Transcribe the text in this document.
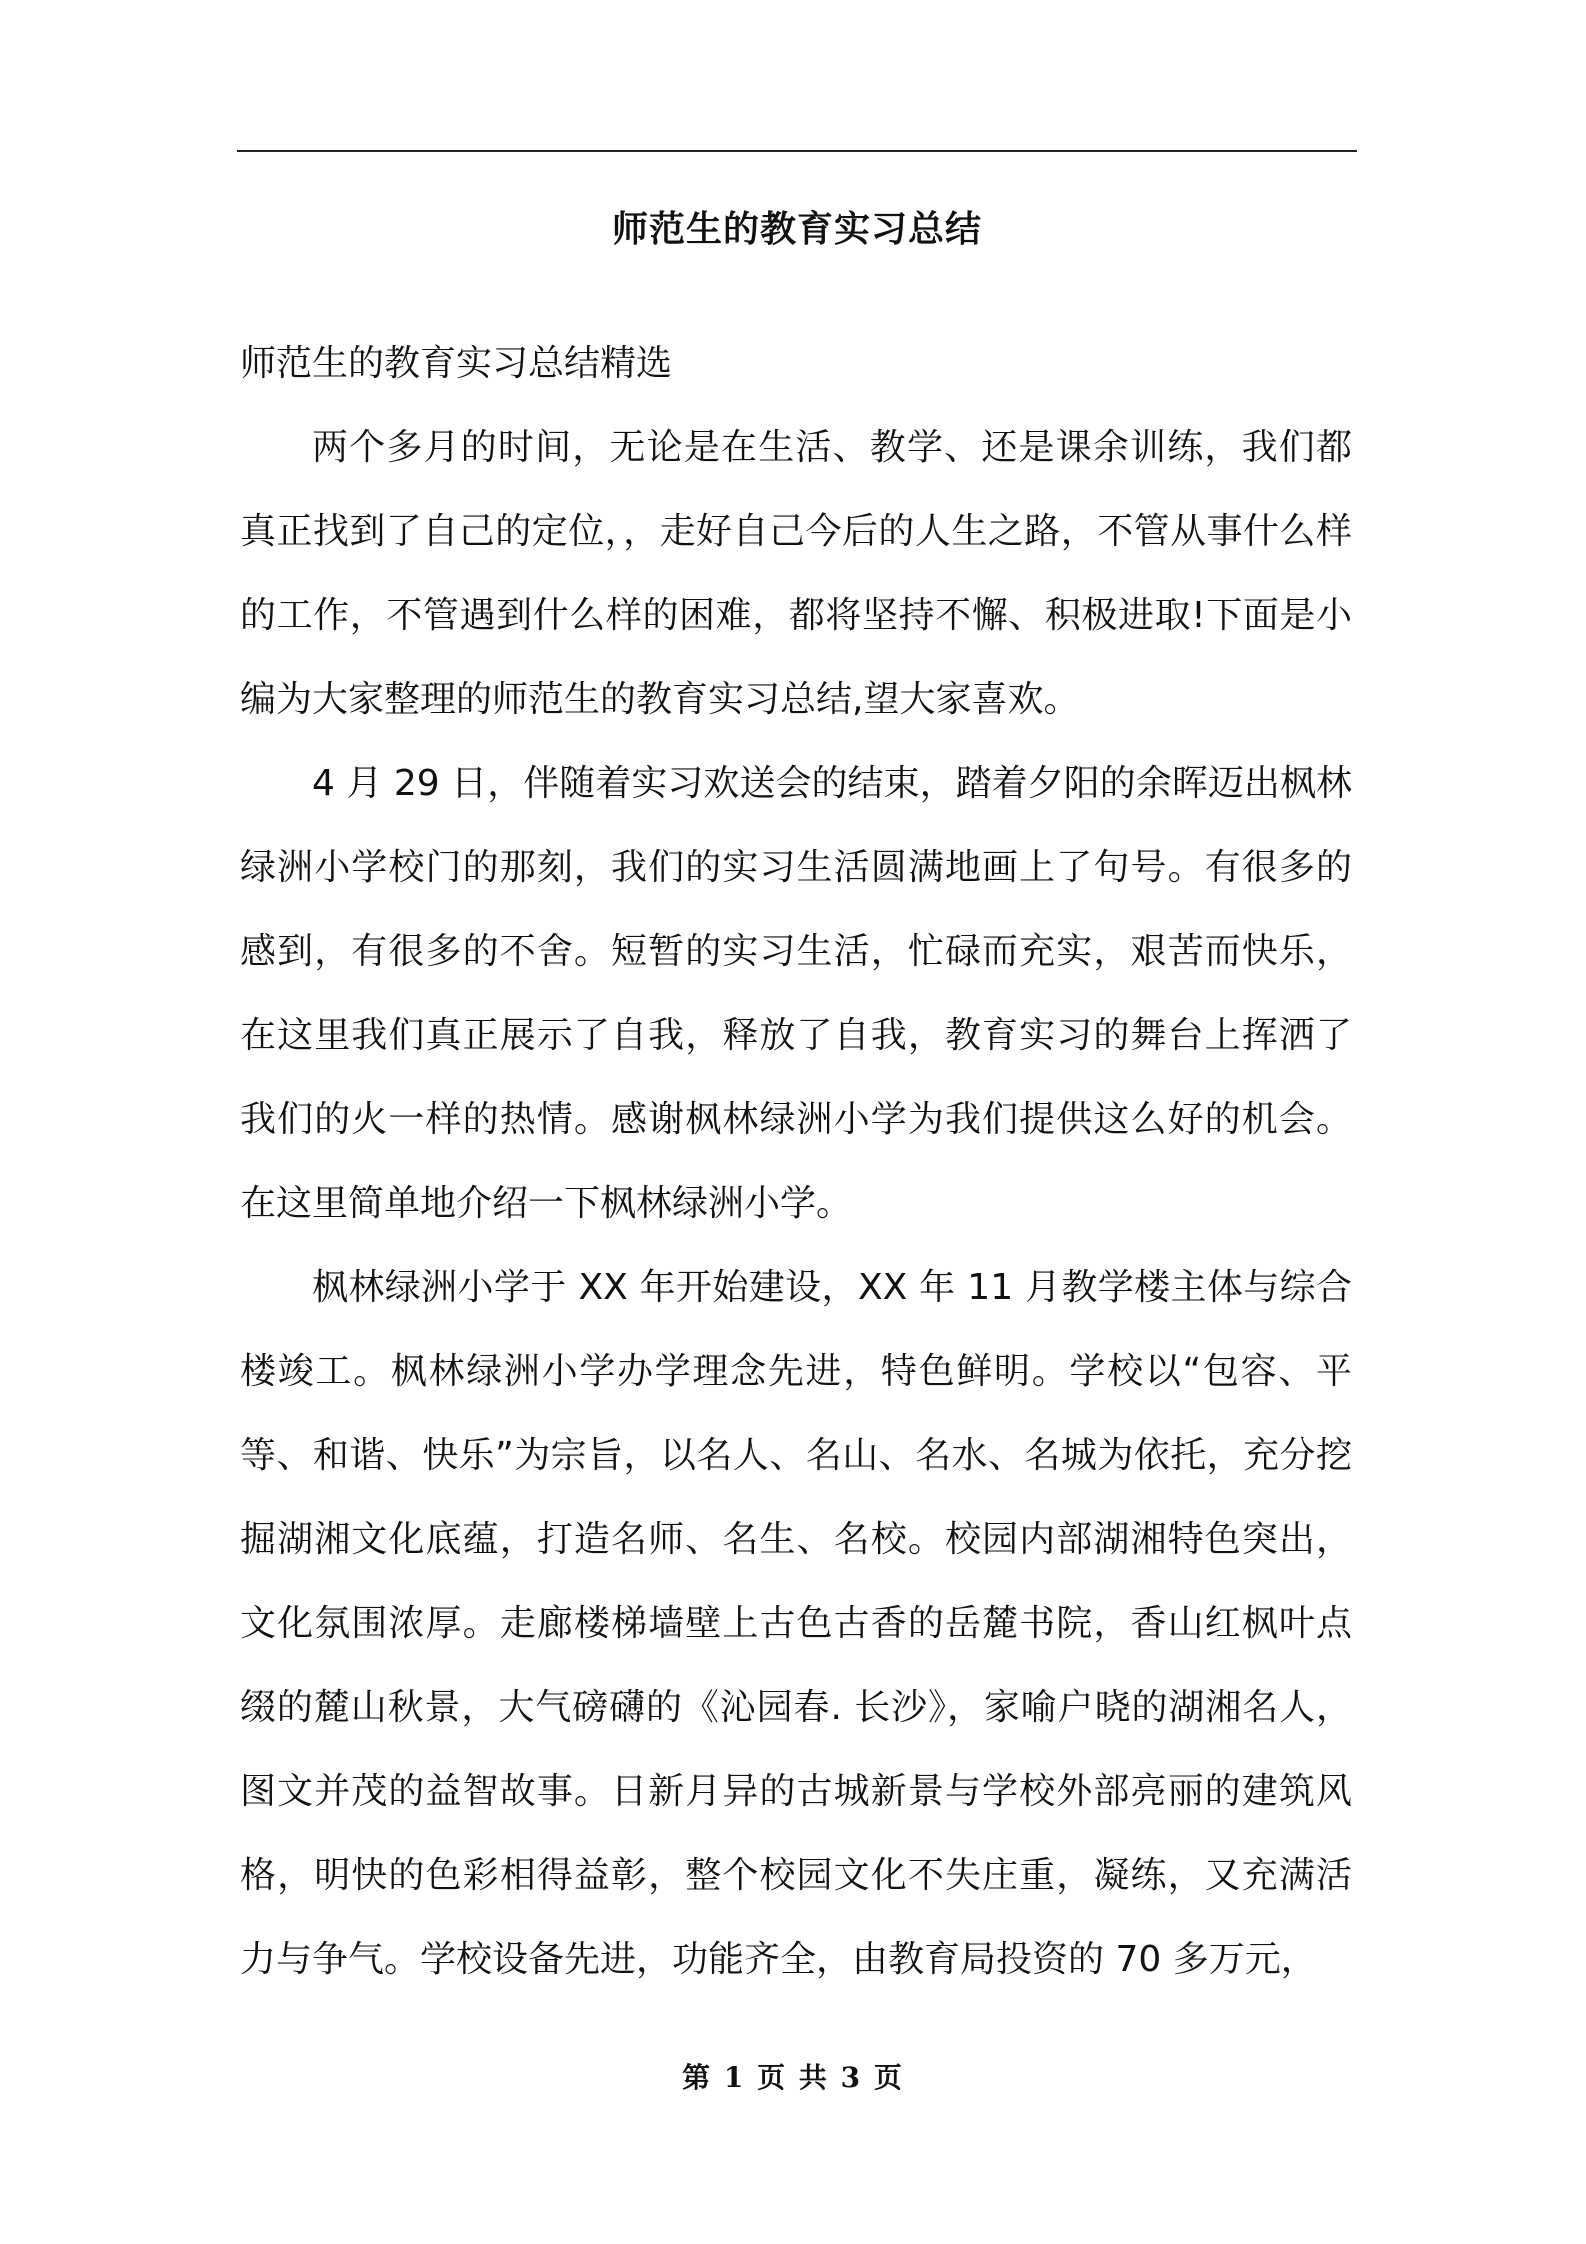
师范生的教育实习总结

师范生的教育实习总结精选

两个多月的时间，无论是在生活、教学、还是课余训练，我们都真正找到了自己的定位，，走好自己今后的人生之路，不管从事什么样的工作，不管遇到什么样的困难，都将坚持不懈、积极进取!下面是小编为大家整理的师范生的教育实习总结,望大家喜欢。

4 月 29 日，伴随着实习欢送会的结束，踏着夕阳的余晖迈出枫林绿洲小学校门的那刻，我们的实习生活圆满地画上了句号。有很多的感到，有很多的不舍。短暂的实习生活，忙碌而充实，艰苦而快乐，在这里我们真正展示了自我，释放了自我，教育实习的舞台上挥洒了我们的火一样的热情。感谢枫林绿洲小学为我们提供这么好的机会。在这里简单地介绍一下枫林绿洲小学。

枫林绿洲小学于 XX 年开始建设，XX 年 11 月教学楼主体与综合楼竣工。枫林绿洲小学办学理念先进，特色鲜明。学校以“包容、平等、和谐、快乐”为宗旨，以名人、名山、名水、名城为依托，充分挖掘湖湘文化底蕴，打造名师、名生、名校。校园内部湖湘特色突出，文化氛围浓厚。走廊楼梯墙壁上古色古香的岳麓书院，香山红枫叶点缀的麓山秋景，大气磅礴的《沁园春. 长沙》，家喻户晓的湖湘名人，图文并茂的益智故事。日新月异的古城新景与学校外部亮丽的建筑风格，明快的色彩相得益彰，整个校园文化不失庄重，凝练，又充满活力与争气。学校设备先进，功能齐全，由教育局投资的 70 多万元，

第 1 页 共 3 页
